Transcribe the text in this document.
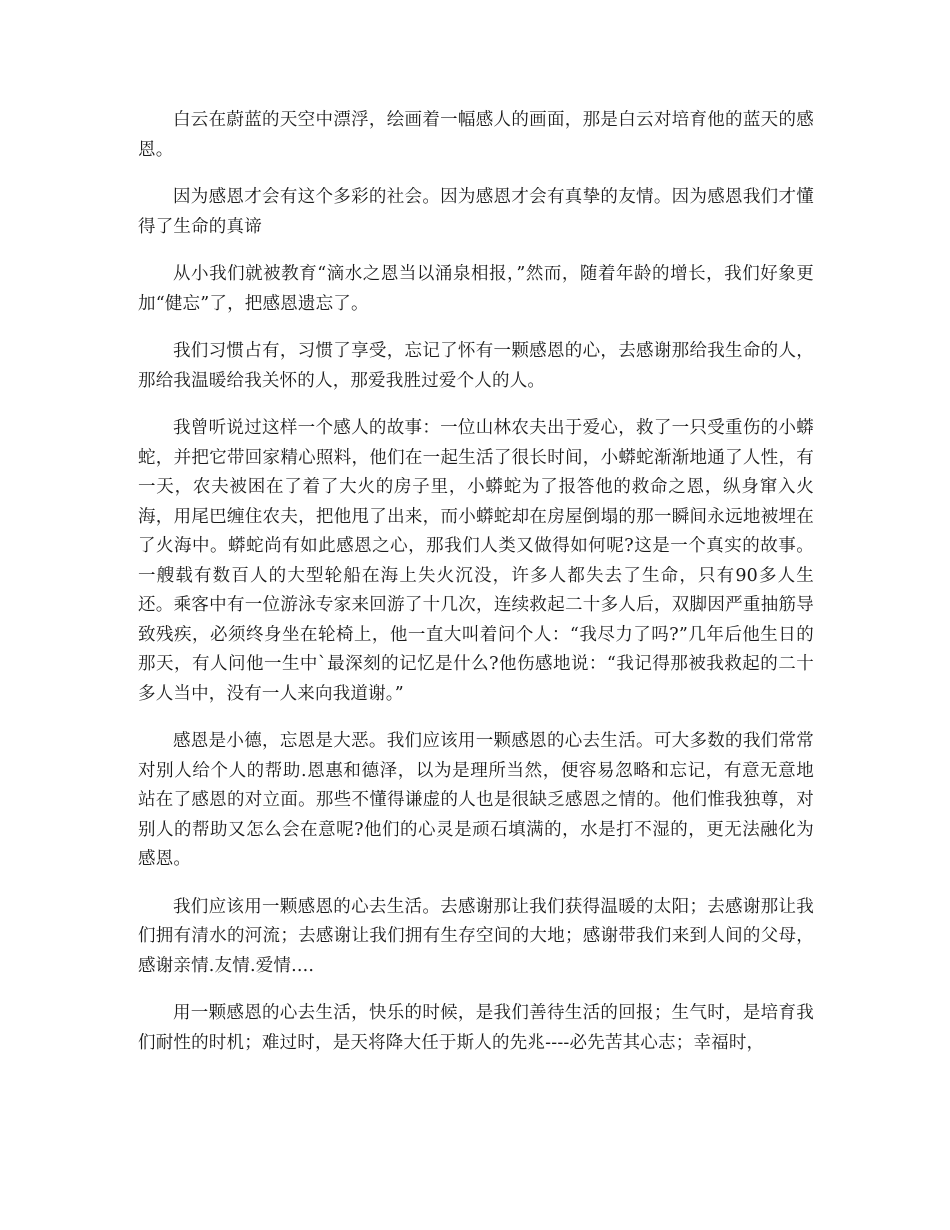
白云在蔚蓝的天空中漂浮，绘画着一幅感人的画面，那是白云对培育他的蓝天的感恩。

因为感恩才会有这个多彩的社会。因为感恩才会有真挚的友情。因为感恩我们才懂得了生命的真谛

从小我们就被教育“滴水之恩当以涌泉相报，”然而，随着年龄的增长，我们好象更加“健忘”了，把感恩遗忘了。

我们习惯占有，习惯了享受，忘记了怀有一颗感恩的心，去感谢那给我生命的人，那给我温暖给我关怀的人，那爱我胜过爱个人的人。

我曾听说过这样一个感人的故事：一位山林农夫出于爱心，救了一只受重伤的小蟒蛇，并把它带回家精心照料，他们在一起生活了很长时间，小蟒蛇渐渐地通了人性，有一天，农夫被困在了着了大火的房子里，小蟒蛇为了报答他的救命之恩，纵身窜入火海，用尾巴缠住农夫，把他甩了出来，而小蟒蛇却在房屋倒塌的那一瞬间永远地被埋在了火海中。蟒蛇尚有如此感恩之心，那我们人类又做得如何呢?这是一个真实的故事。一艘载有数百人的大型轮船在海上失火沉没，许多人都失去了生命，只有90多人生还。乘客中有一位游泳专家来回游了十几次，连续救起二十多人后，双脚因严重抽筋导致残疾，必须终身坐在轮椅上，他一直大叫着问个人：“我尽力了吗?”几年后他生日的那天，有人问他一生中`最深刻的记忆是什么?他伤感地说：“我记得那被我救起的二十多人当中，没有一人来向我道谢。”

感恩是小德，忘恩是大恶。我们应该用一颗感恩的心去生活。可大多数的我们常常对别人给个人的帮助.恩惠和德泽，以为是理所当然，便容易忽略和忘记，有意无意地站在了感恩的对立面。那些不懂得谦虚的人也是很缺乏感恩之情的。他们惟我独尊，对别人的帮助又怎么会在意呢?他们的心灵是顽石填满的，水是打不湿的，更无法融化为感恩。

我们应该用一颗感恩的心去生活。去感谢那让我们获得温暖的太阳；去感谢那让我们拥有清水的河流；去感谢让我们拥有生存空间的大地；感谢带我们来到人间的父母，感谢亲情.友情.爱情....

用一颗感恩的心去生活，快乐的时候，是我们善待生活的回报；生气时，是培育我们耐性的时机；难过时，是天将降大任于斯人的先兆----必先苦其心志；幸福时，
